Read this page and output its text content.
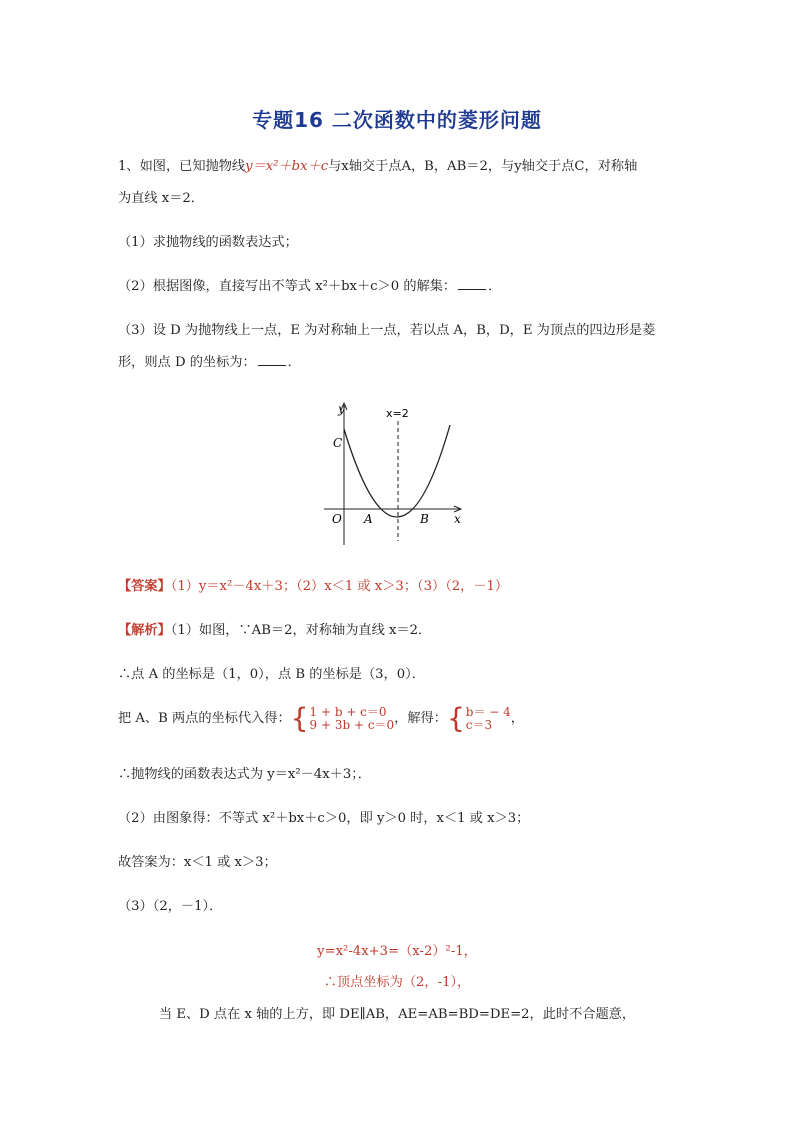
专题16 二次函数中的菱形问题
1、如图，已知抛物线y＝x²＋bx＋c与x轴交于点A，B，AB＝2，与y轴交于点C，对称轴
为直线 x＝2．
（1）求抛物线的函数表达式；
（2）根据图像，直接写出不等式 x²＋bx＋c＞0 的解集： ．
（3）设 D 为抛物线上一点，E 为对称轴上一点，若以点 A，B，D，E 为顶点的四边形是菱
形，则点 D 的坐标为： ．
y
x
x=2
C
O A	B
【答案】（1）y＝x²－4x＋3；（2）x＜1 或 x＞3；（3）（2，－1）
【解析】（1）如图，∵AB＝2，对称轴为直线 x＝2．
∴点 A 的坐标是（1，0），点 B 的坐标是（3，0）．
把 A、B 两点的坐标代入得：{1 + b + c＝0
9 + 3b + c＝0，解得：{b＝ − 4
c＝3 ，
∴抛物线的函数表达式为 y＝x²－4x＋3；．
（2）由图象得：不等式 x²＋bx＋c＞0，即 y＞0 时，x＜1 或 x＞3；
故答案为：x＜1 或 x＞3；
（3）（2，－1）．
y=x²-4x+3=（x-2）²-1，
∴顶点坐标为（2，-1），
当 E、D 点在 x 轴的上方，即 DE∥AB，AE=AB=BD=DE=2，此时不合题意，
